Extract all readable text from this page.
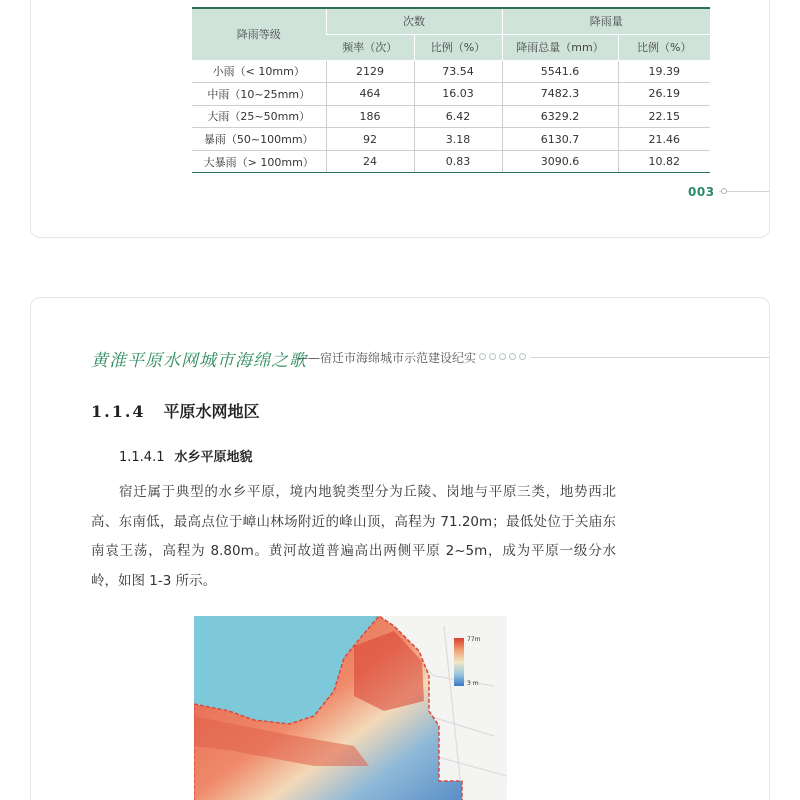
降雨等级	次数		降雨量	
	频率（次）	比例（%）	降雨总量（mm）	比例（%）
小雨（< 10mm）	2129	73.54	5541.6	19.39
中雨（10~25mm）	464	16.03	7482.3	26.19
大雨（25~50mm）	186	6.42	6329.2	22.15
暴雨（50~100mm）	92	3.18	6130.7	21.46
大暴雨（> 100mm）	24	0.83	3090.6	10.82
003
黄淮平原水网城市海绵之歌
——宿迁市海绵城市示范建设纪实
1.1.4 平原水网地区
1.1.4.1 水乡平原地貌

宿迁属于典型的水乡平原，境内地貌类型分为丘陵、岗地与平原三类，地势西北高、东南低，最高点位于嶂山林场附近的峰山顶，高程为 71.20m；最低处位于关庙东南袁王荡，高程为 8.80m。黄河故道普遍高出两侧平原 2~5m，成为平原一级分水岭，如图 1-3 所示。

77m
3 m
